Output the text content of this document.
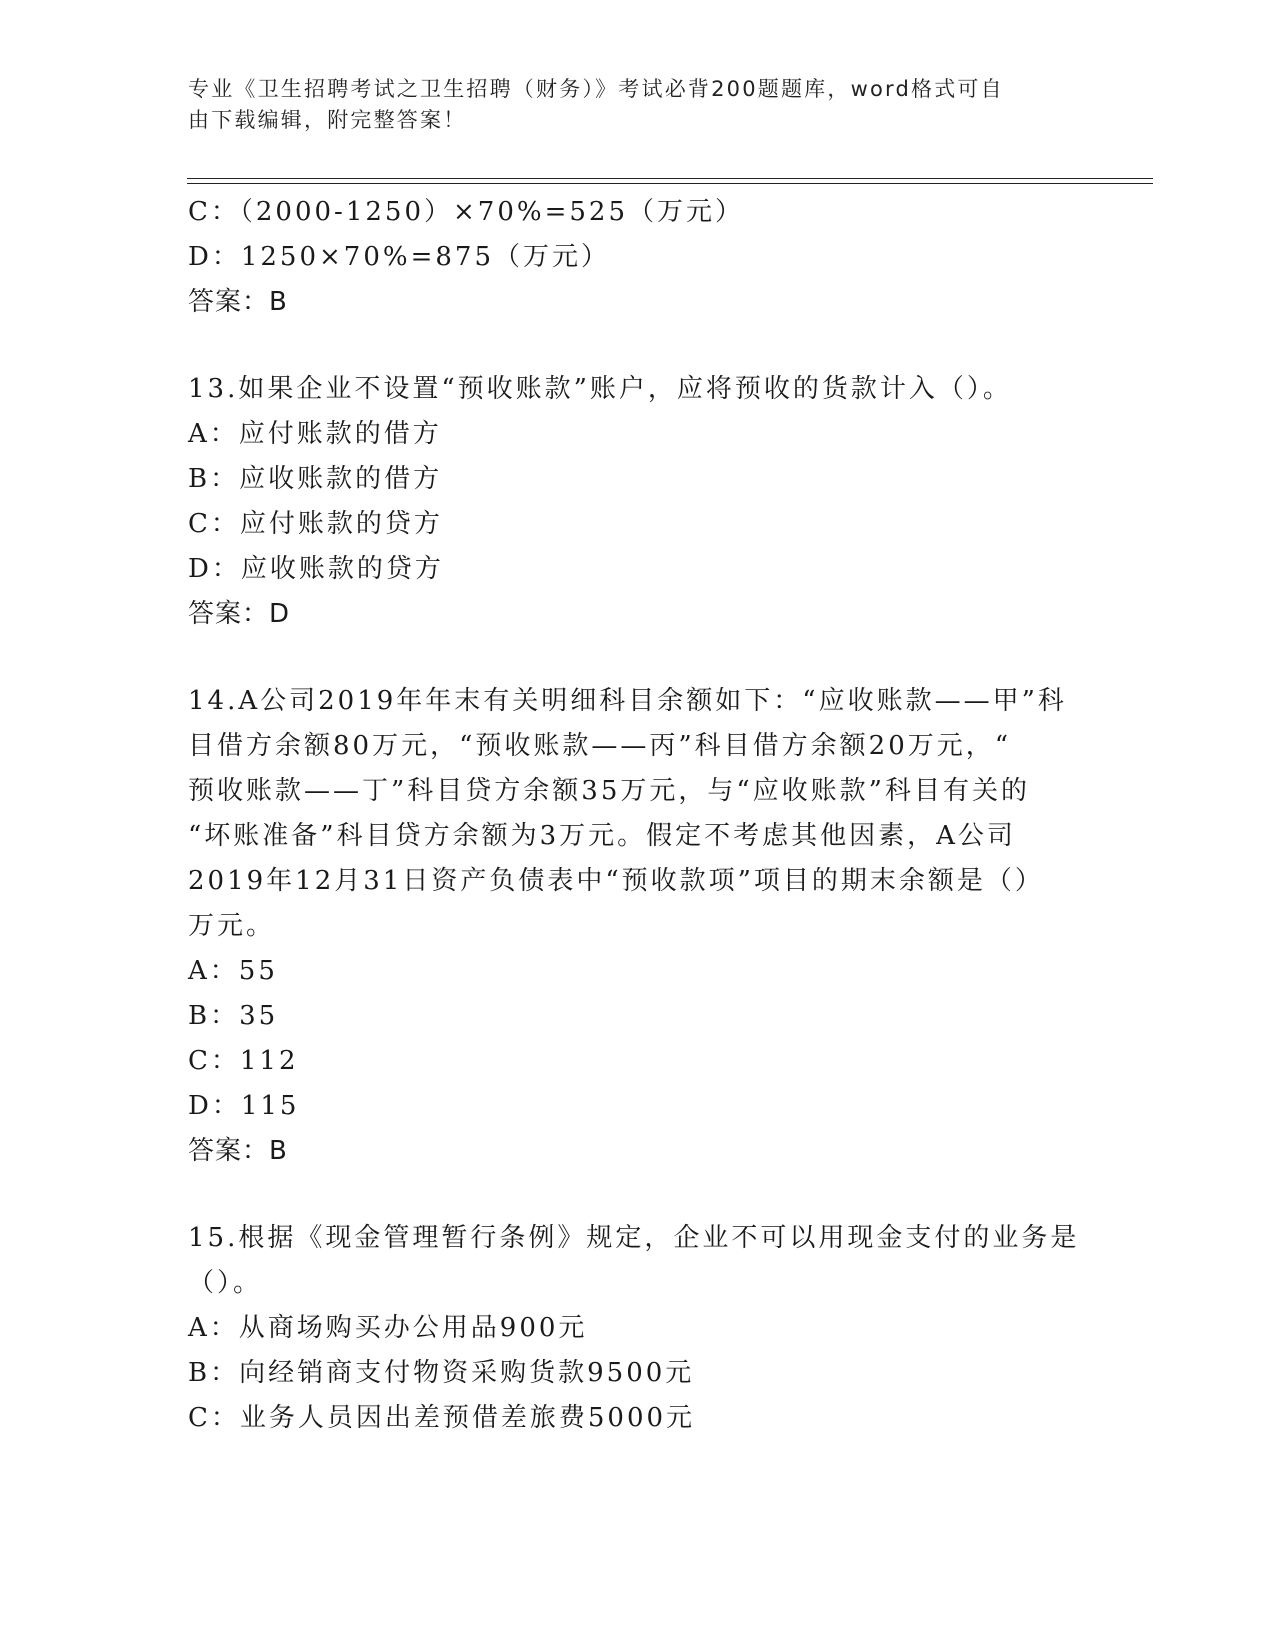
专业《卫生招聘考试之卫生招聘（财务）》考试必背200题题库，word格式可自

由下载编辑，附完整答案！

C：（2000-1250）×70%=525（万元）
D：1250×70%=875（万元）
答案：B
13.如果企业不设置“预收账款”账户，应将预收的货款计入（）。
A：应付账款的借方
B：应收账款的借方
C：应付账款的贷方
D：应收账款的贷方
答案：D
14.A公司2019年年末有关明细科目余额如下：“应收账款——甲”科
目借方余额80万元，“预收账款——丙”科目借方余额20万元，“
预收账款——丁”科目贷方余额35万元，与“应收账款”科目有关的
“坏账准备”科目贷方余额为3万元。假定不考虑其他因素，A公司
2019年12月31日资产负债表中“预收款项”项目的期末余额是（）
万元。
A：55
B：35
C：112
D：115
答案：B
15.根据《现金管理暂行条例》规定，企业不可以用现金支付的业务是
（）。
A：从商场购买办公用品900元
B：向经销商支付物资采购货款9500元
C：业务人员因出差预借差旅费5000元
